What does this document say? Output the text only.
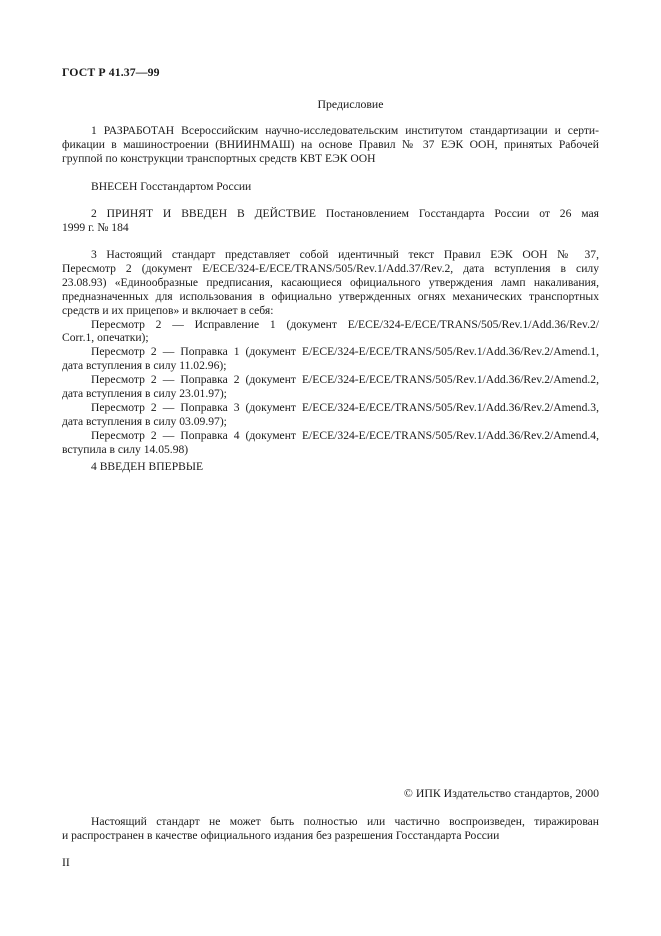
ГОСТ Р 41.37—99
Предисловие
1 РАЗРАБОТАН Всероссийским научно-исследовательским институтом стандартизации и серти-
фикации в машиностроении (ВНИИНМАШ) на основе Правил № 37 ЕЭК ООН, принятых Рабочей
группой по конструкции транспортных средств КВТ ЕЭК ООН
ВНЕСЕН Госстандартом России
2 ПРИНЯТ И ВВЕДЕН В ДЕЙСТВИЕ Постановлением Госстандарта России от 26 мая
1999 г. № 184
3 Настоящий стандарт представляет собой идентичный текст Правил ЕЭК ООН № 37,
Пересмотр 2 (документ E/ECE/324-E/ECE/TRANS/505/Rev.1/Add.37/Rev.2, дата вступления в силу
23.08.93) «Единообразные предписания, касающиеся официального утверждения ламп накаливания,
предназначенных для использования в официально утвержденных огнях механических транспортных
средств и их прицепов» и включает в себя:
Пересмотр 2 — Исправление 1 (документ E/ECE/324-E/ECE/TRANS/505/Rev.1/Add.36/Rev.2/
Corr.1, опечатки);
Пересмотр 2 — Поправка 1 (документ E/ECE/324-E/ECE/TRANS/505/Rev.1/Add.36/Rev.2/Amend.1,
дата вступления в силу 11.02.96);
Пересмотр 2 — Поправка 2 (документ E/ECE/324-E/ECE/TRANS/505/Rev.1/Add.36/Rev.2/Amend.2,
дата вступления в силу 23.01.97);
Пересмотр 2 — Поправка 3 (документ E/ECE/324-E/ECE/TRANS/505/Rev.1/Add.36/Rev.2/Amend.3,
дата вступления в силу 03.09.97);
Пересмотр 2 — Поправка 4 (документ E/ECE/324-E/ECE/TRANS/505/Rev.1/Add.36/Rev.2/Amend.4,
вступила в силу 14.05.98)
4 ВВЕДЕН ВПЕРВЫЕ
© ИПК Издательство стандартов, 2000
Настоящий стандарт не может быть полностью или частично воспроизведен, тиражирован
и распространен в качестве официального издания без разрешения Госстандарта России
II
